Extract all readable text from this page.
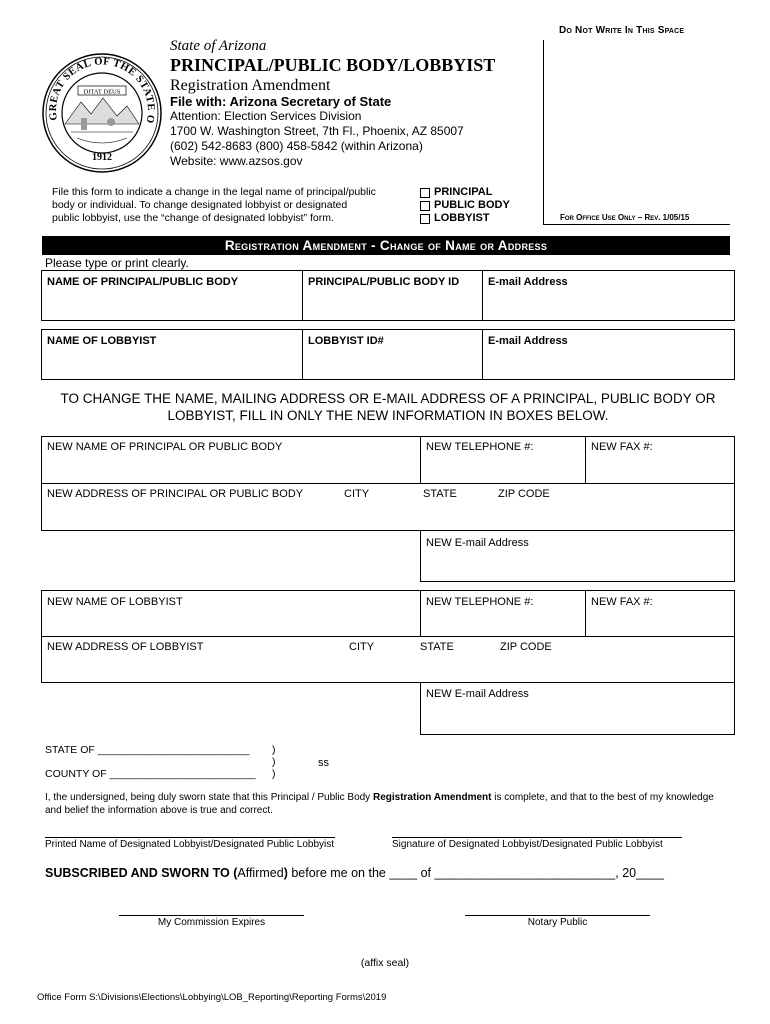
Do Not Write In This Space
For Office Use Only – Rev. 1/05/15
GREAT SEAL OF THE STATE O
DITAT DEUS
1912
State of Arizona
PRINCIPAL/PUBLIC BODY/LOBBYIST
Registration Amendment
File with: Arizona Secretary of State
Attention: Election Services Division
1700 W. Washington Street, 7th Fl., Phoenix, AZ 85007
(602) 542-8683 (800) 458-5842 (within Arizona)
Website: www.azsos.gov
File this form to indicate a change in the legal name of principal/public
body or individual. To change designated lobbyist or designated
public lobbyist, use the “change of designated lobbyist” form.
PRINCIPAL
PUBLIC BODY
LOBBYIST
Registration Amendment - Change of Name or Address
Please type or print clearly.
NAME OF PRINCIPAL/PUBLIC BODY	PRINCIPAL/PUBLIC BODY ID	E-mail Address
NAME OF LOBBYIST	LOBBYIST ID#	E-mail Address
TO CHANGE THE NAME, MAILING ADDRESS OR E-MAIL ADDRESS OF A PRINCIPAL, PUBLIC BODY OR
LOBBYIST, FILL IN ONLY THE NEW INFORMATION IN BOXES BELOW.
NEW NAME OF PRINCIPAL OR PUBLIC BODY	NEW TELEPHONE #:	NEW FAX #:
NEW ADDRESS OF PRINCIPAL OR PUBLIC BODY	CITY	STATE	ZIP CODE
NEW E-mail Address
NEW NAME OF LOBBYIST	NEW TELEPHONE #:	NEW FAX #:
NEW ADDRESS OF LOBBYIST	CITY	STATE	ZIP CODE
NEW E-mail Address
STATE OF __________________________
COUNTY OF _________________________
)
)
)
ss
I, the undersigned, being duly sworn state that this Principal / Public Body Registration Amendment is complete, and that to the best of my knowledge
and belief the information above is true and correct.
Printed Name of Designated Lobbyist/Designated Public Lobbyist	Signature of Designated Lobbyist/Designated Public Lobbyist
SUBSCRIBED AND SWORN TO (Affirmed) before me on the ____ of __________________________, 20____
My Commission Expires	Notary Public
(affix seal)
Office Form S:\Divisions\Elections\Lobbying\LOB_Reporting\Reporting Forms\2019
